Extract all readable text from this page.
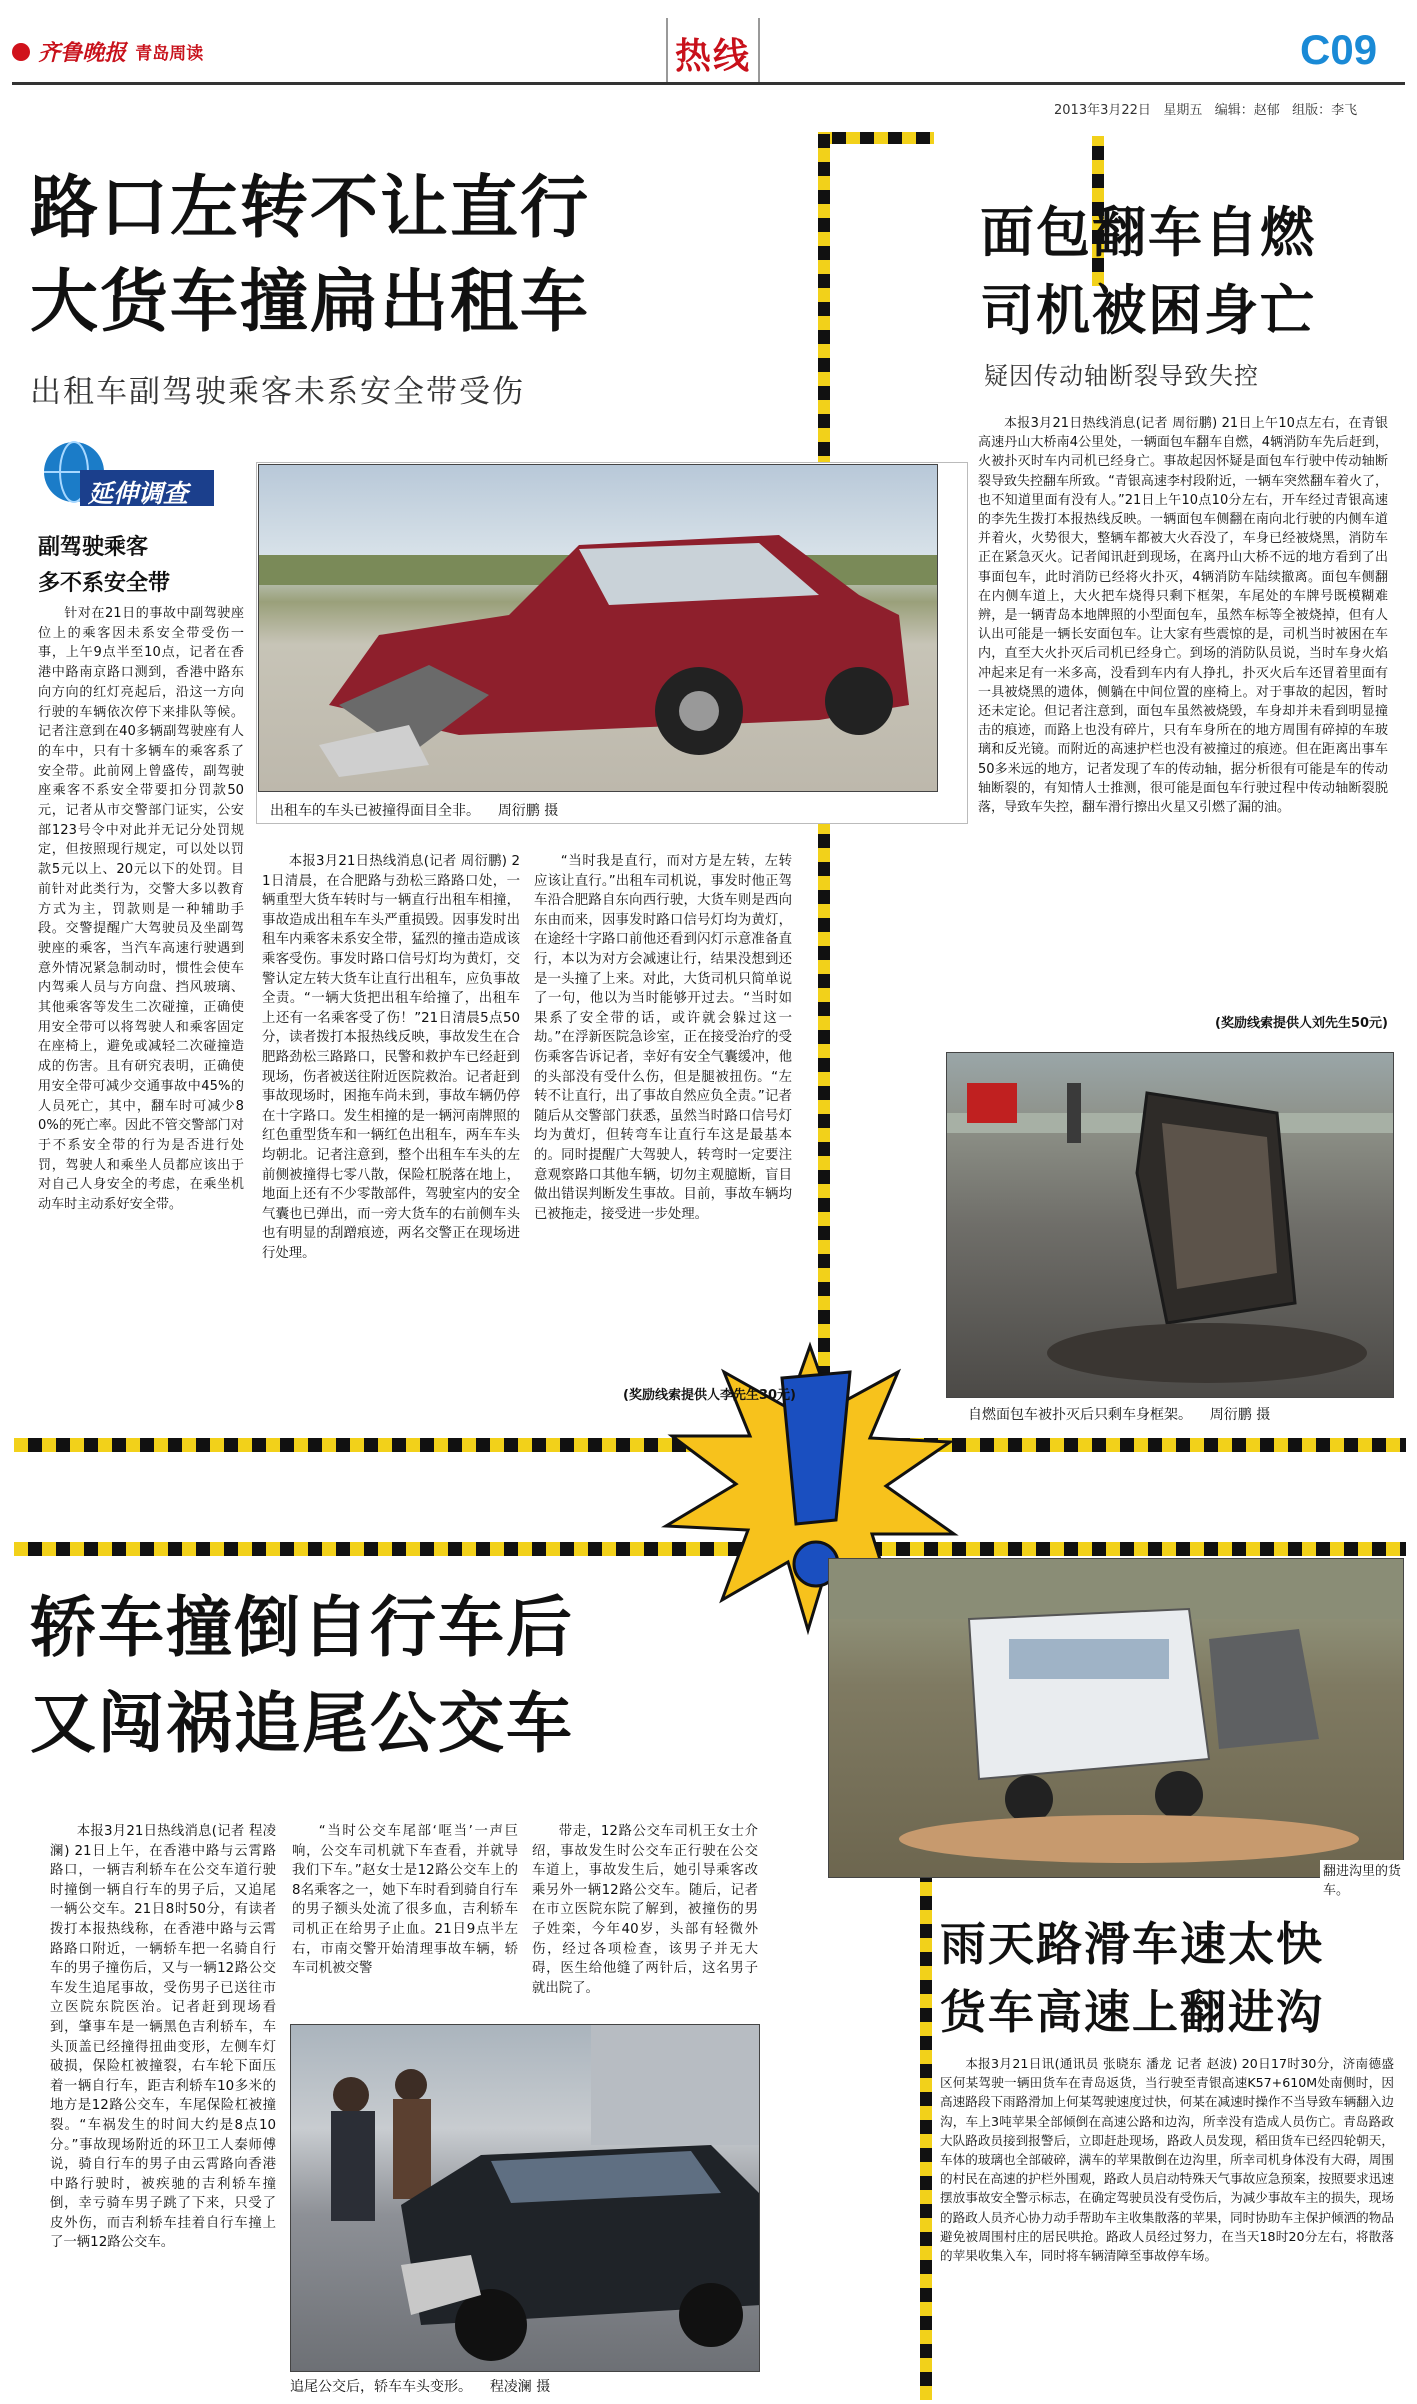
齐鲁晚报 青岛周读	热线	C09
2013年3月22日 星期五 编辑：赵郁 组版：李飞
路口左转不让直行
大货车撞扁出租车
出租车副驾驶乘客未系安全带受伤
延伸调查
副驾驶乘客
多不系安全带
针对在21日的事故中副驾驶座位上的乘客因未系安全带受伤一事，上午9点半至10点，记者在香港中路南京路口测到，香港中路东向方向的红灯亮起后，沿这一方向行驶的车辆依次停下来排队等候。记者注意到在40多辆副驾驶座有人的车中，只有十多辆车的乘客系了安全带。此前网上曾盛传，副驾驶座乘客不系安全带要扣分罚款50元，记者从市交警部门证实，公安部123号令中对此并无记分处罚规定，但按照现行规定，可以处以罚款5元以上、20元以下的处罚。目前针对此类行为，交警大多以教育方式为主，罚款则是一种辅助手段。交警提醒广大驾驶员及坐副驾驶座的乘客，当汽车高速行驶遇到意外情况紧急制动时，惯性会使车内驾乘人员与方向盘、挡风玻璃、其他乘客等发生二次碰撞，正确使用安全带可以将驾驶人和乘客固定在座椅上，避免或减轻二次碰撞造成的伤害。且有研究表明，正确使用安全带可减少交通事故中45%的人员死亡，其中，翻车时可减少80%的死亡率。因此不管交警部门对于不系安全带的行为是否进行处罚，驾驶人和乘坐人员都应该出于对自己人身安全的考虑，在乘坐机动车时主动系好安全带。
出租车的车头已被撞得面目全非。 周衍鹏 摄
本报3月21日热线消息(记者 周衍鹏) 21日清晨，在合肥路与劲松三路路口处，一辆重型大货车转时与一辆直行出租车相撞，事故造成出租车车头严重损毁。因事发时出租车内乘客未系安全带，猛烈的撞击造成该乘客受伤。事发时路口信号灯均为黄灯，交警认定左转大货车让直行出租车，应负事故全责。“一辆大货把出租车给撞了，出租车上还有一名乘客受了伤！”21日清晨5点50分，读者拨打本报热线反映，事故发生在合肥路劲松三路路口，民警和救护车已经赶到现场，伤者被送往附近医院救治。记者赶到事故现场时，困拖车尚未到，事故车辆仍停在十字路口。发生相撞的是一辆河南牌照的红色重型货车和一辆红色出租车，两车车头均朝北。记者注意到，整个出租车车头的左前侧被撞得七零八散，保险杠脱落在地上，地面上还有不少零散部件，驾驶室内的安全气囊也已弹出，而一旁大货车的右前侧车头也有明显的刮蹭痕迹，两名交警正在现场进行处理。
“当时我是直行，而对方是左转，左转应该让直行。”出租车司机说，事发时他正驾车沿合肥路自东向西行驶，大货车则是西向东由而来，因事发时路口信号灯均为黄灯，在途经十字路口前他还看到闪灯示意准备直行，本以为对方会减速让行，结果没想到还是一头撞了上来。对此，大货司机只简单说了一句，他以为当时能够开过去。“当时如果系了安全带的话，或许就会躲过这一劫。”在浮新医院急诊室，正在接受治疗的受伤乘客告诉记者，幸好有安全气囊缓冲，他的头部没有受什么伤，但是腿被扭伤。“左转不让直行，出了事故自然应负全责。”记者随后从交警部门获悉，虽然当时路口信号灯均为黄灯，但转弯车让直行车这是最基本的。同时提醒广大驾驶人，转弯时一定要注意观察路口其他车辆，切勿主观臆断，盲目做出错误判断发生事故。目前，事故车辆均已被拖走，接受进一步处理。
(奖励线索提供人李先生30元)
面包翻车自燃
司机被困身亡
疑因传动轴断裂导致失控
本报3月21日热线消息(记者 周衍鹏) 21日上午10点左右，在青银高速丹山大桥南4公里处，一辆面包车翻车自燃，4辆消防车先后赶到，火被扑灭时车内司机已经身亡。事故起因怀疑是面包车行驶中传动轴断裂导致失控翻车所致。“青银高速李村段附近，一辆车突然翻车着火了，也不知道里面有没有人。”21日上午10点10分左右，开车经过青银高速的李先生拨打本报热线反映。一辆面包车侧翻在南向北行驶的内侧车道并着火，火势很大，整辆车都被大火吞没了，车身已经被烧黑，消防车正在紧急灭火。记者闻讯赶到现场，在离丹山大桥不远的地方看到了出事面包车，此时消防已经将火扑灭，4辆消防车陆续撤离。面包车侧翻在内侧车道上，大火把车烧得只剩下框架，车尾处的车牌号既模糊难辨，是一辆青岛本地牌照的小型面包车，虽然车标等全被烧掉，但有人认出可能是一辆长安面包车。让大家有些震惊的是，司机当时被困在车内，直至大火扑灭后司机已经身亡。到场的消防队员说，当时车身火焰冲起来足有一米多高，没看到车内有人挣扎，扑灭火后车还冒着里面有一具被烧黑的遗体，侧躺在中间位置的座椅上。对于事故的起因，暂时还未定论。但记者注意到，面包车虽然被烧毁，车身却并未看到明显撞击的痕迹，而路上也没有碎片，只有车身所在的地方周围有碎掉的车玻璃和反光镜。而附近的高速护栏也没有被撞过的痕迹。但在距离出事车50多米远的地方，记者发现了车的传动轴，据分析很有可能是车的传动轴断裂的，有知情人士推测，很可能是面包车行驶过程中传动轴断裂脱落，导致车失控，翻车滑行擦出火星又引燃了漏的油。
(奖励线索提供人刘先生50元)
自燃面包车被扑灭后只剩车身框架。 周衍鹏 摄
轿车撞倒自行车后
又闯祸追尾公交车
本报3月21日热线消息(记者 程凌澜) 21日上午，在香港中路与云霄路路口，一辆吉利轿车在公交车道行驶时撞倒一辆自行车的男子后，又追尾一辆公交车。21日8时50分，有读者拨打本报热线称，在香港中路与云霄路路口附近，一辆轿车把一名骑自行车的男子撞伤后，又与一辆12路公交车发生追尾事故，受伤男子已送往市立医院东院医治。记者赶到现场看到，肇事车是一辆黑色吉利轿车，车头顶盖已经撞得扭曲变形，左侧车灯破损，保险杠被撞裂，右车轮下面压着一辆自行车，距吉利轿车10多米的地方是12路公交车，车尾保险杠被撞裂。“车祸发生的时间大约是8点10分。”事故现场附近的环卫工人秦师傅说，骑自行车的男子由云霄路向香港中路行驶时，被疾驰的吉利轿车撞倒，幸亏骑车男子跳了下来，只受了皮外伤，而吉利轿车挂着自行车撞上了一辆12路公交车。
“当时公交车尾部‘哐当’一声巨响，公交车司机就下车查看，并就导我们下车。”赵女士是12路公交车上的8名乘客之一，她下车时看到骑自行车的男子额头处流了很多血，吉利轿车司机正在给男子止血。21日9点半左右，市南交警开始清理事故车辆，轿车司机被交警
带走，12路公交车司机王女士介绍，事故发生时公交车正行驶在公交车道上，事故发生后，她引导乘客改乘另外一辆12路公交车。随后，记者在市立医院东院了解到，被撞伤的男子姓栾，今年40岁，头部有轻微外伤，经过各项检查，该男子并无大碍，医生给他缝了两针后，这名男子就出院了。
追尾公交后，轿车车头变形。 程凌澜 摄
翻进沟里的货车。
雨天路滑车速太快
货车高速上翻进沟
本报3月21日讯(通讯员 张晓东 潘龙 记者 赵波) 20日17时30分，济南德盛区何某驾驶一辆田货车在青岛返货，当行驶至青银高速K57+610M处南侧时，因高速路段下雨路滑加上何某驾驶速度过快，何某在减速时操作不当导致车辆翻入边沟，车上3吨苹果全部倾倒在高速公路和边沟，所幸没有造成人员伤亡。青岛路政大队路政员接到报警后，立即赶赴现场，路政人员发现，稻田货车已经四轮朝天，车体的玻璃也全部破碎，满车的苹果散倒在边沟里，所幸司机身体没有大碍，周围的村民在高速的护栏外围观，路政人员启动特殊天气事故应急预案，按照要求迅速摆放事故安全警示标志，在确定驾驶员没有受伤后，为减少事故车主的损失，现场的路政人员齐心协力动手帮助车主收集散落的苹果，同时协助车主保护倾洒的物品避免被周围村庄的居民哄抢。路政人员经过努力，在当天18时20分左右，将散落的苹果收集入车，同时将车辆清障至事故停车场。
